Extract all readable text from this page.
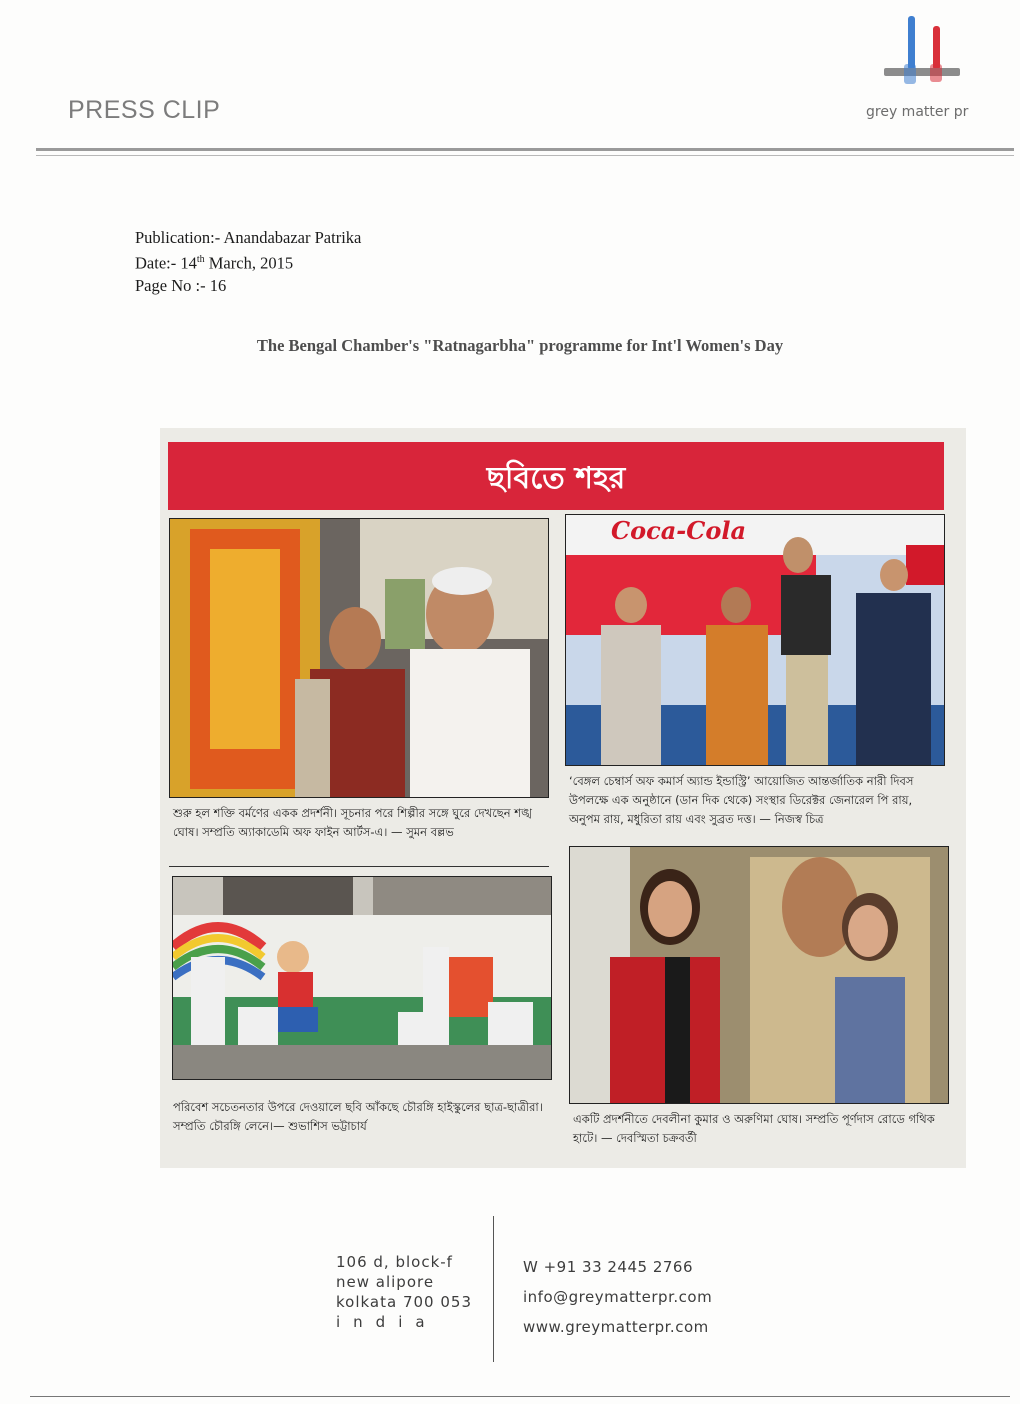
PRESS CLIP	grey matter pr
Publication:- Anandabazar Patrika
Date:- 14th March, 2015
Page No :- 16
The Bengal Chamber's "Ratnagarbha" programme for Int'l Women's Day
ছবিতে শহর
শুরু হল শক্তি বর্মণের একক প্রদর্শনী। সূচনার পরে শিল্পীর সঙ্গে ঘুরে দেখছেন শঙ্খ ঘোষ। সম্প্রতি অ্যাকাডেমি অফ ফাইন আর্টস-এ। — সুমন বল্লভ
Coca-Cola
‘বেঙ্গল চেম্বার্স অফ কমার্স অ্যান্ড ইন্ডাস্ট্রি’ আয়োজিত আন্তর্জাতিক নারী দিবস উপলক্ষে এক অনুষ্ঠানে (ডান দিক থেকে) সংস্থার ডিরেক্টর জেনারেল পি রায়, অনুপম রায়, মধুরিতা রায় এবং সুব্রত দত্ত। — নিজস্ব চিত্র
পরিবেশ সচেতনতার উপরে দেওয়ালে ছবি আঁকছে চৌরঙ্গি হাইস্কুলের ছাত্র-ছাত্রীরা। সম্প্রতি চৌরঙ্গি লেনে।— শুভাশিস ভট্টাচার্য	একটি প্রদর্শনীতে দেবলীনা কুমার ও অরুণিমা ঘোষ। সম্প্রতি পূর্ণদাস রোডে গথিক হাটে। — দেবস্মিতা চক্রবর্তী
106 d, block-f
new alipore
kolkata 700 053
india
W +91 33 2445 2766
info@greymatterpr.com
www.greymatterpr.com
